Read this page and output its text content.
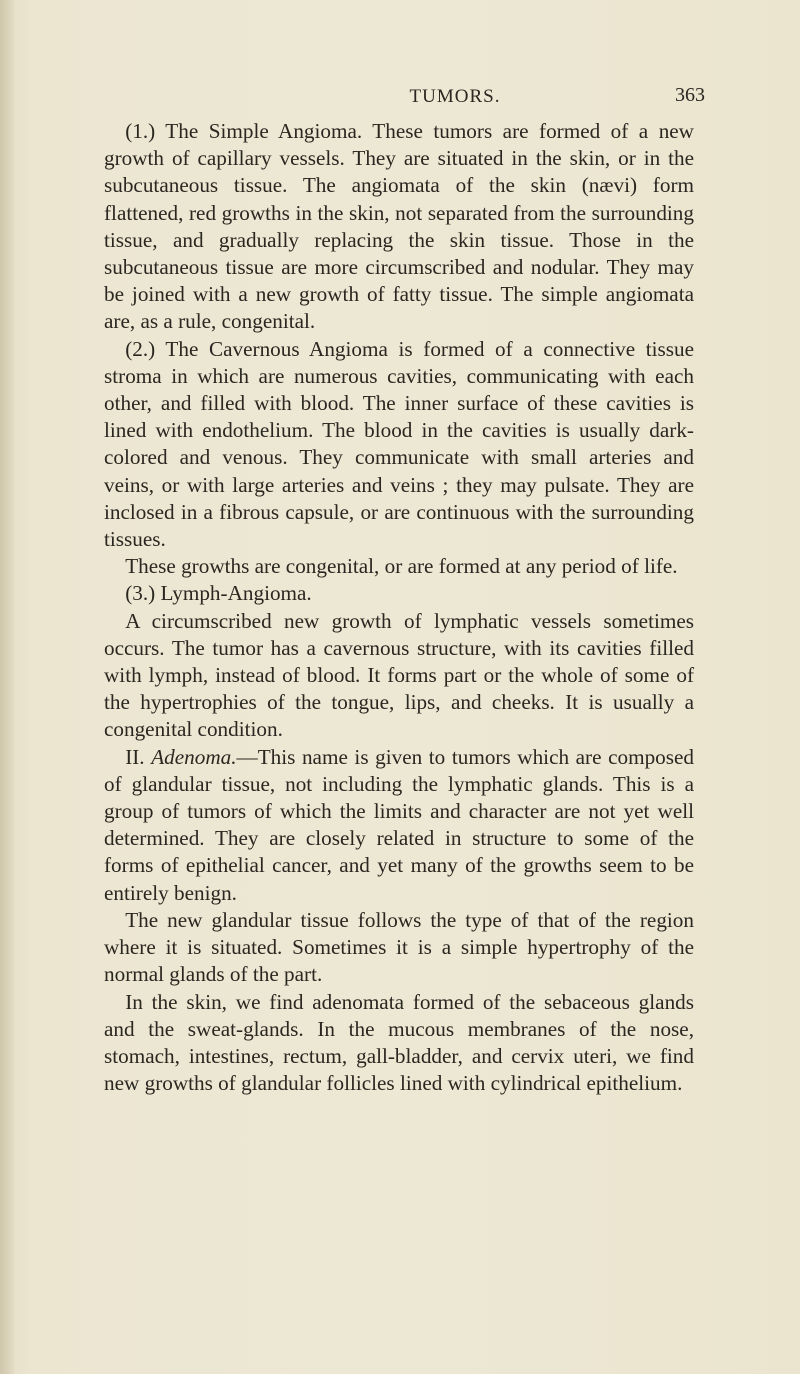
TUMORS.	363

(1.) The Simple Angioma. These tumors are formed of a new growth of capillary vessels. They are situated in the skin, or in the subcutaneous tissue. The angiomata of the skin (nævi) form flattened, red growths in the skin, not separated from the surrounding tissue, and gradually replacing the skin tissue. Those in the subcutaneous tissue are more circumscribed and nodular. They may be joined with a new growth of fatty tissue. The simple angiomata are, as a rule, congenital.

(2.) The Cavernous Angioma is formed of a connective tissue stroma in which are numerous cavities, communicating with each other, and filled with blood. The inner surface of these cavities is lined with endothelium. The blood in the cavities is usually dark-colored and venous. They communicate with small arteries and veins, or with large arteries and veins ; they may pulsate. They are inclosed in a fibrous capsule, or are continuous with the surrounding tissues.

These growths are congenital, or are formed at any period of life.

(3.) Lymph-Angioma.

A circumscribed new growth of lymphatic vessels sometimes occurs. The tumor has a cavernous structure, with its cavities filled with lymph, instead of blood. It forms part or the whole of some of the hypertrophies of the tongue, lips, and cheeks. It is usually a congenital condition.

II. Adenoma.—This name is given to tumors which are composed of glandular tissue, not including the lymphatic glands. This is a group of tumors of which the limits and character are not yet well determined. They are closely related in structure to some of the forms of epithelial cancer, and yet many of the growths seem to be entirely benign.

The new glandular tissue follows the type of that of the region where it is situated. Sometimes it is a simple hypertrophy of the normal glands of the part.

In the skin, we find adenomata formed of the sebaceous glands and the sweat-glands. In the mucous membranes of the nose, stomach, intestines, rectum, gall-bladder, and cervix uteri, we find new growths of glandular follicles lined with cylindrical epithelium.
